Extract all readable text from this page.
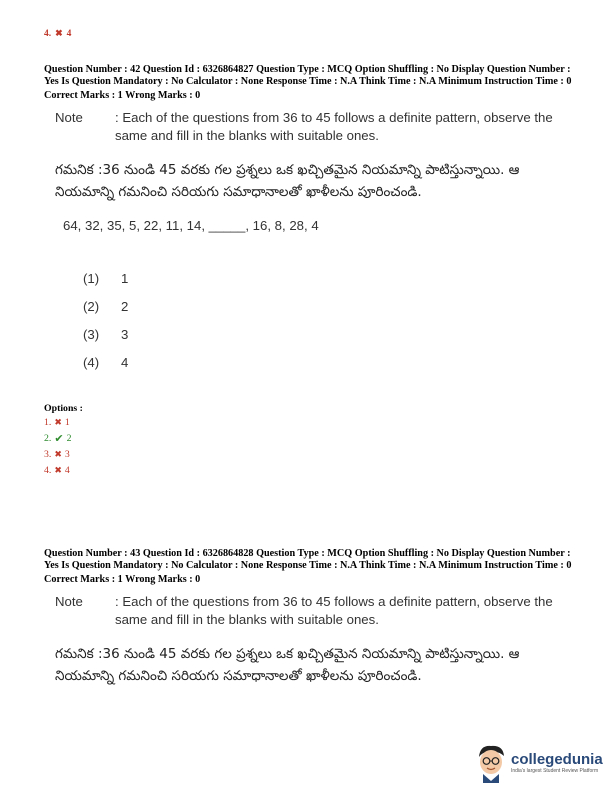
4. ✖ 4

Question Number : 42 Question Id : 6326864827 Question Type : MCQ Option Shuffling : No Display Question Number : Yes Is Question Mandatory : No Calculator : None Response Time : N.A Think Time : N.A Minimum Instruction Time : 0

Correct Marks : 1 Wrong Marks : 0
Note	: Each of the questions from 36 to 45 follows a definite pattern, observe the same and fill in the blanks with suitable ones.
గమనిక :36 నుండి 45 వరకు గల ప్రశ్నలు ఒక ఖచ్చితమైన నియమాన్ని పాటిస్తున్నాయి. ఆ నియమాన్ని గమనించి సరియగు సమాధానాలతో ఖాళీలను పూరించండి.
64, 32, 35, 5, 22, 11, 14, _____, 16, 8, 28, 4
(1)	1
(2)	2
(3)	3
(4)	4
Options :
1. ✖ 1
2. ✔ 2
3. ✖ 3
4. ✖ 4

Question Number : 43 Question Id : 6326864828 Question Type : MCQ Option Shuffling : No Display Question Number : Yes Is Question Mandatory : No Calculator : None Response Time : N.A Think Time : N.A Minimum Instruction Time : 0

Correct Marks : 1 Wrong Marks : 0
Note	: Each of the questions from 36 to 45 follows a definite pattern, observe the same and fill in the blanks with suitable ones.
గమనిక :36 నుండి 45 వరకు గల ప్రశ్నలు ఒక ఖచ్చితమైన నియమాన్ని పాటిస్తున్నాయి. ఆ నియమాన్ని గమనించి సరియగు సమాధానాలతో ఖాళీలను పూరించండి.
collegedunia
India's largest Student Review Platform
